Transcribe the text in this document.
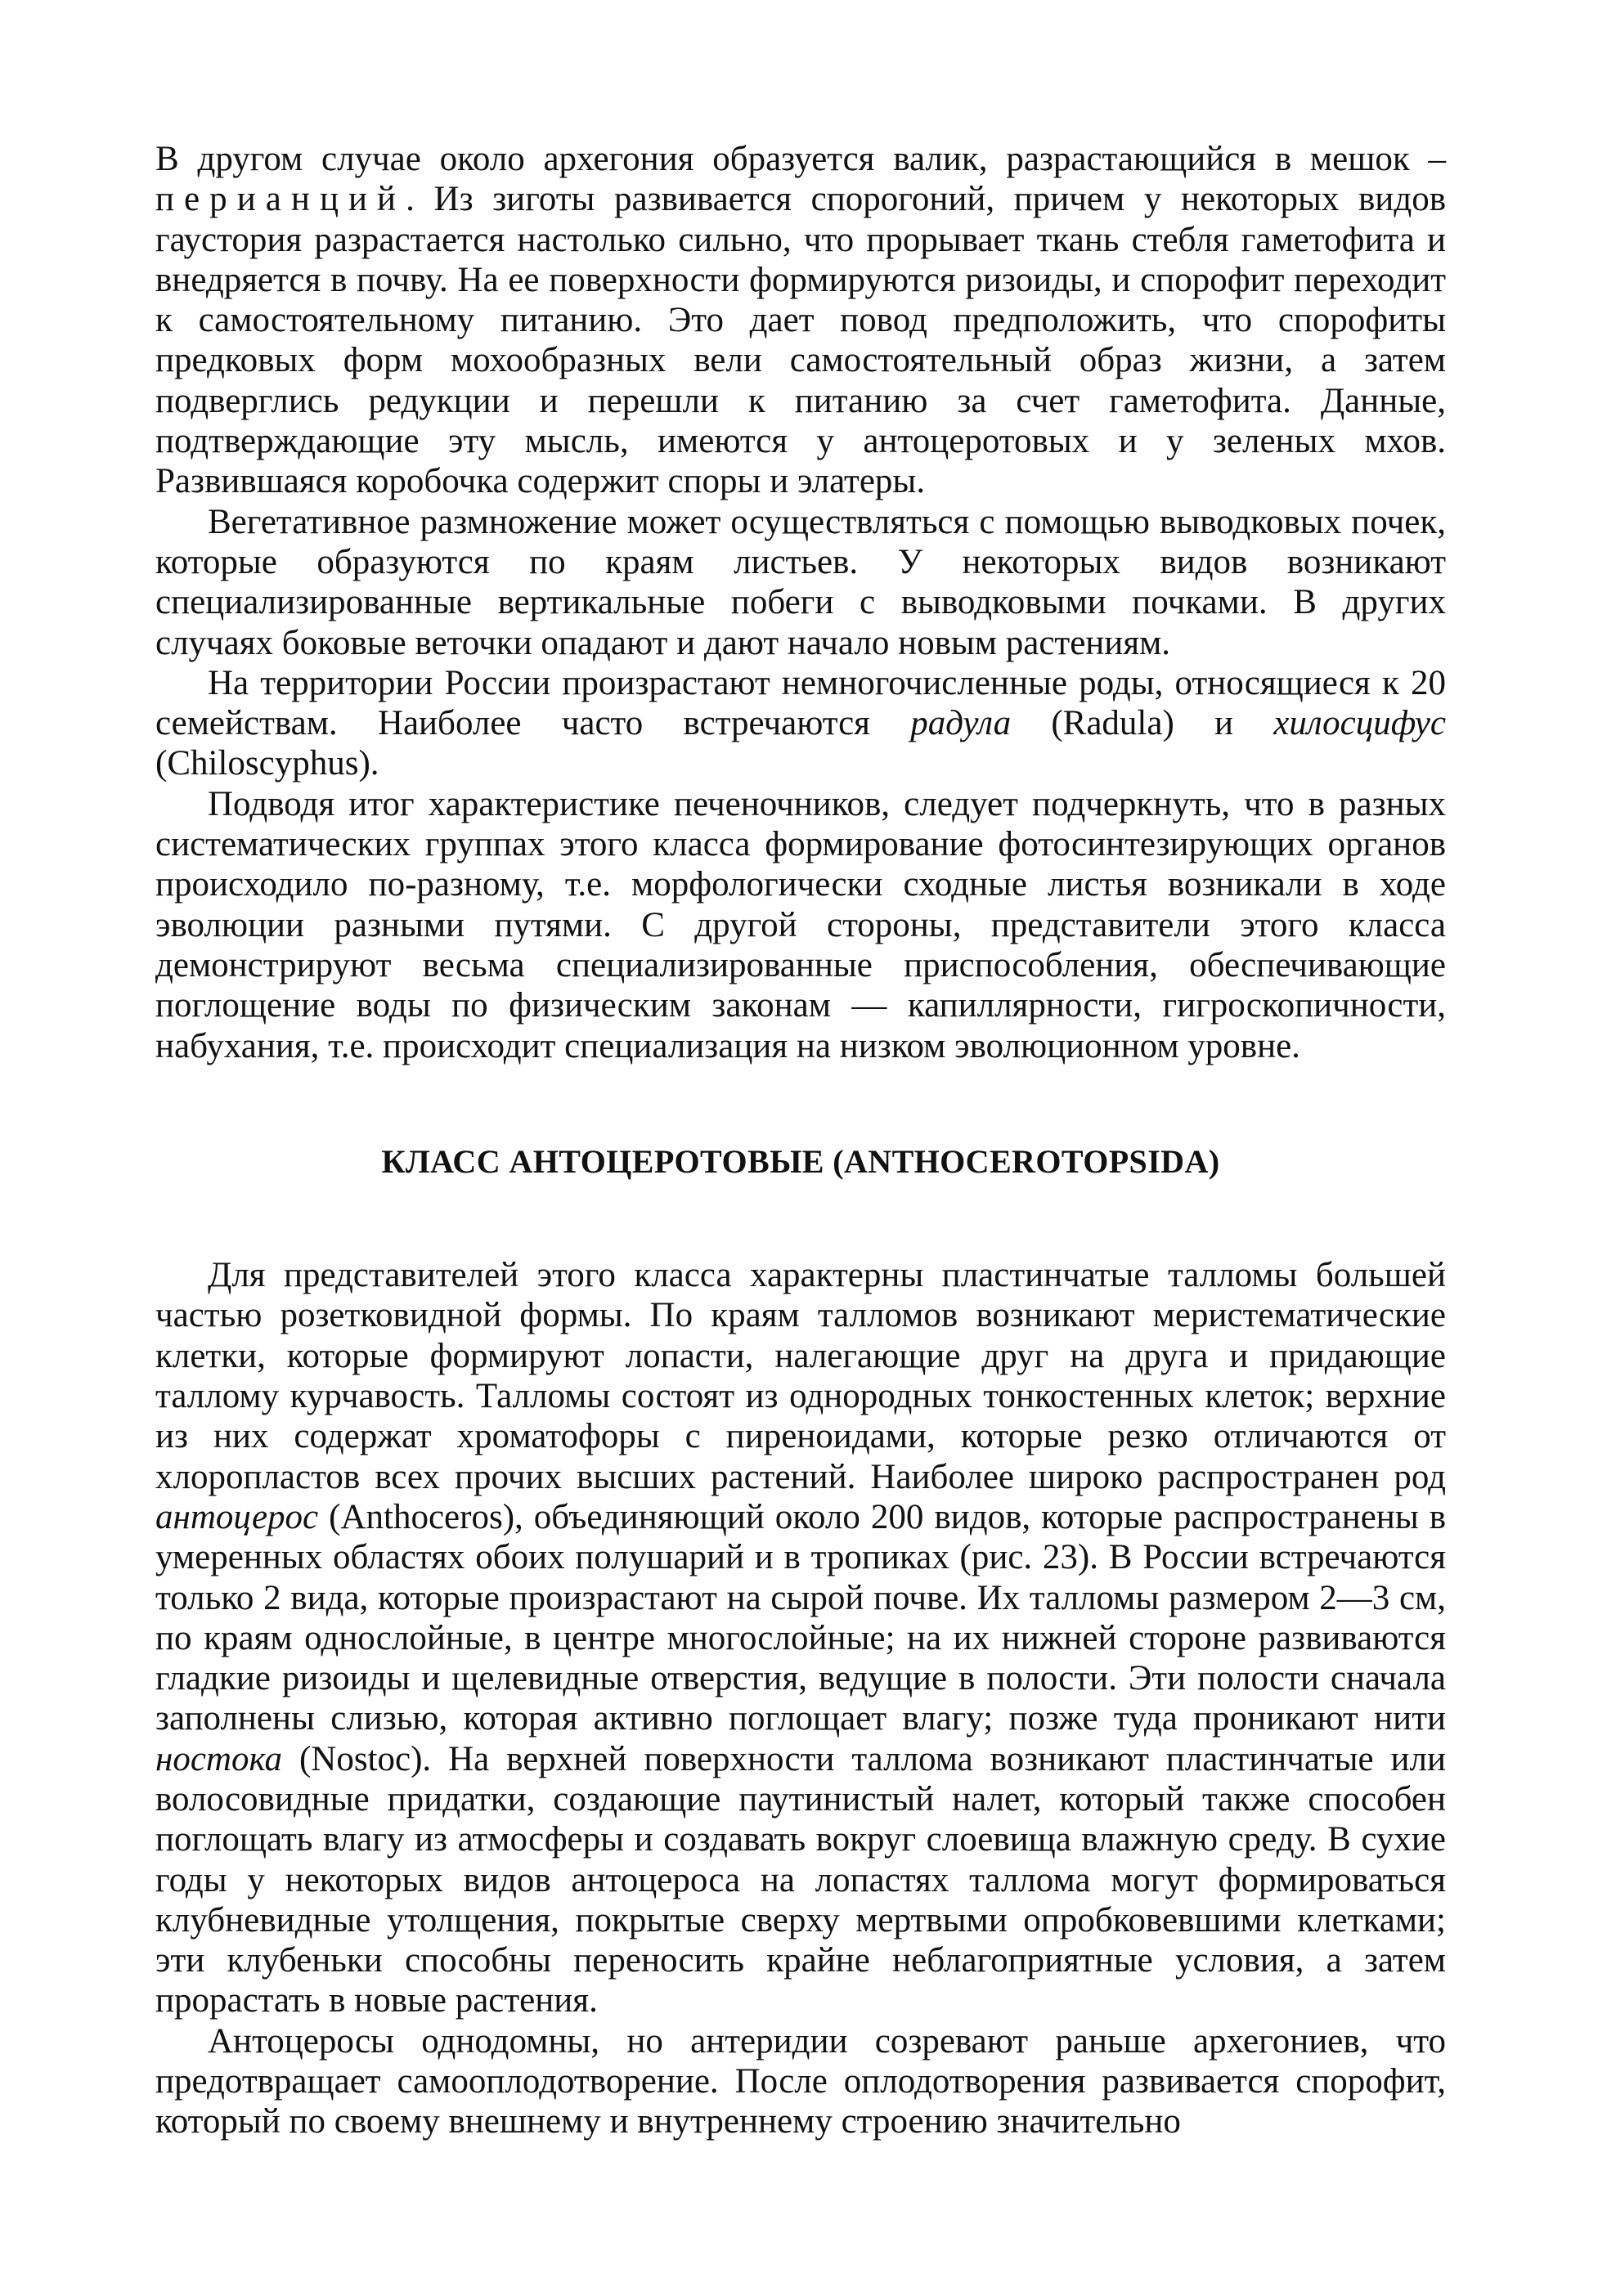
В другом случае около архегония образуется валик, разрастающийся в мешок – перианций. Из зиготы развивается спорогоний, причем у некоторых видов гаустория разрастается настолько сильно, что прорывает ткань стебля гаметофита и внедряется в почву. На ее поверхности формируются ризоиды, и спорофит переходит к самостоятельному питанию. Это дает повод предположить, что спорофиты предковых форм мохообразных вели самостоятельный образ жизни, а затем подверглись редукции и перешли к питанию за счет гаметофита. Данные, подтверждающие эту мысль, имеются у антоцеротовых и у зеленых мхов. Развившаяся коробочка содержит споры и элатеры.

Вегетативное размножение может осуществляться с помощью выводковых почек, которые образуются по краям листьев. У некоторых видов возникают специализированные вертикальные побеги с выводковыми почками. В других случаях боковые веточки опадают и дают начало новым растениям.

На территории России произрастают немногочисленные роды, относящиеся к 20 семействам. Наиболее часто встречаются радула (Radula) и хилосцифус (Chiloscyphus).

Подводя итог характеристике печеночников, следует подчеркнуть, что в разных систематических группах этого класса формирование фотосинтезирующих органов происходило по-разному, т.е. морфологически сходные листья возникали в ходе эволюции разными путями. С другой стороны, представители этого класса демонстрируют весьма специализированные приспособления, обеспечивающие поглощение воды по физическим законам — капиллярности, гигроскопичности, набухания, т.е. происходит специализация на низком эволюционном уровне.

КЛАСС АНТОЦЕРОТОВЫЕ (ANTHOCEROTOPSIDA)

Для представителей этого класса характерны пластинчатые талломы большей частью розетковидной формы. По краям талломов возникают меристематические клетки, которые формируют лопасти, налегающие друг на друга и придающие таллому курчавость. Талломы состоят из однородных тонкостенных клеток; верхние из них содержат хроматофоры с пиреноидами, которые резко отличаются от хлоропластов всех прочих высших растений. Наиболее широко распространен род антоцерос (Anthoceros), объединяющий около 200 видов, которые распространены в умеренных областях обоих полушарий и в тропиках (рис. 23). В России встречаются только 2 вида, которые произрастают на сырой почве. Их талломы размером 2—3 см, по краям однослойные, в центре многослойные; на их нижней стороне развиваются гладкие ризоиды и щелевидные отверстия, ведущие в полости. Эти полости сначала заполнены слизью, которая активно поглощает влагу; позже туда проникают нити ностока (Nostoc). На верхней поверхности таллома возникают пластинчатые или волосовидные придатки, создающие паутинистый налет, который также способен поглощать влагу из атмосферы и создавать вокруг слоевища влажную среду. В сухие годы у некоторых видов антоцероса на лопастях таллома могут формироваться клубневидные утолщения, покрытые сверху мертвыми опробковевшими клетками; эти клубеньки способны переносить крайне неблагоприятные условия, а затем прорастать в новые растения.

Антоцеросы однодомны, но антеридии созревают раньше архегониев, что предотвращает самооплодотворение. После оплодотворения развивается спорофит, который по своему внешнему и внутреннему строению значительно
